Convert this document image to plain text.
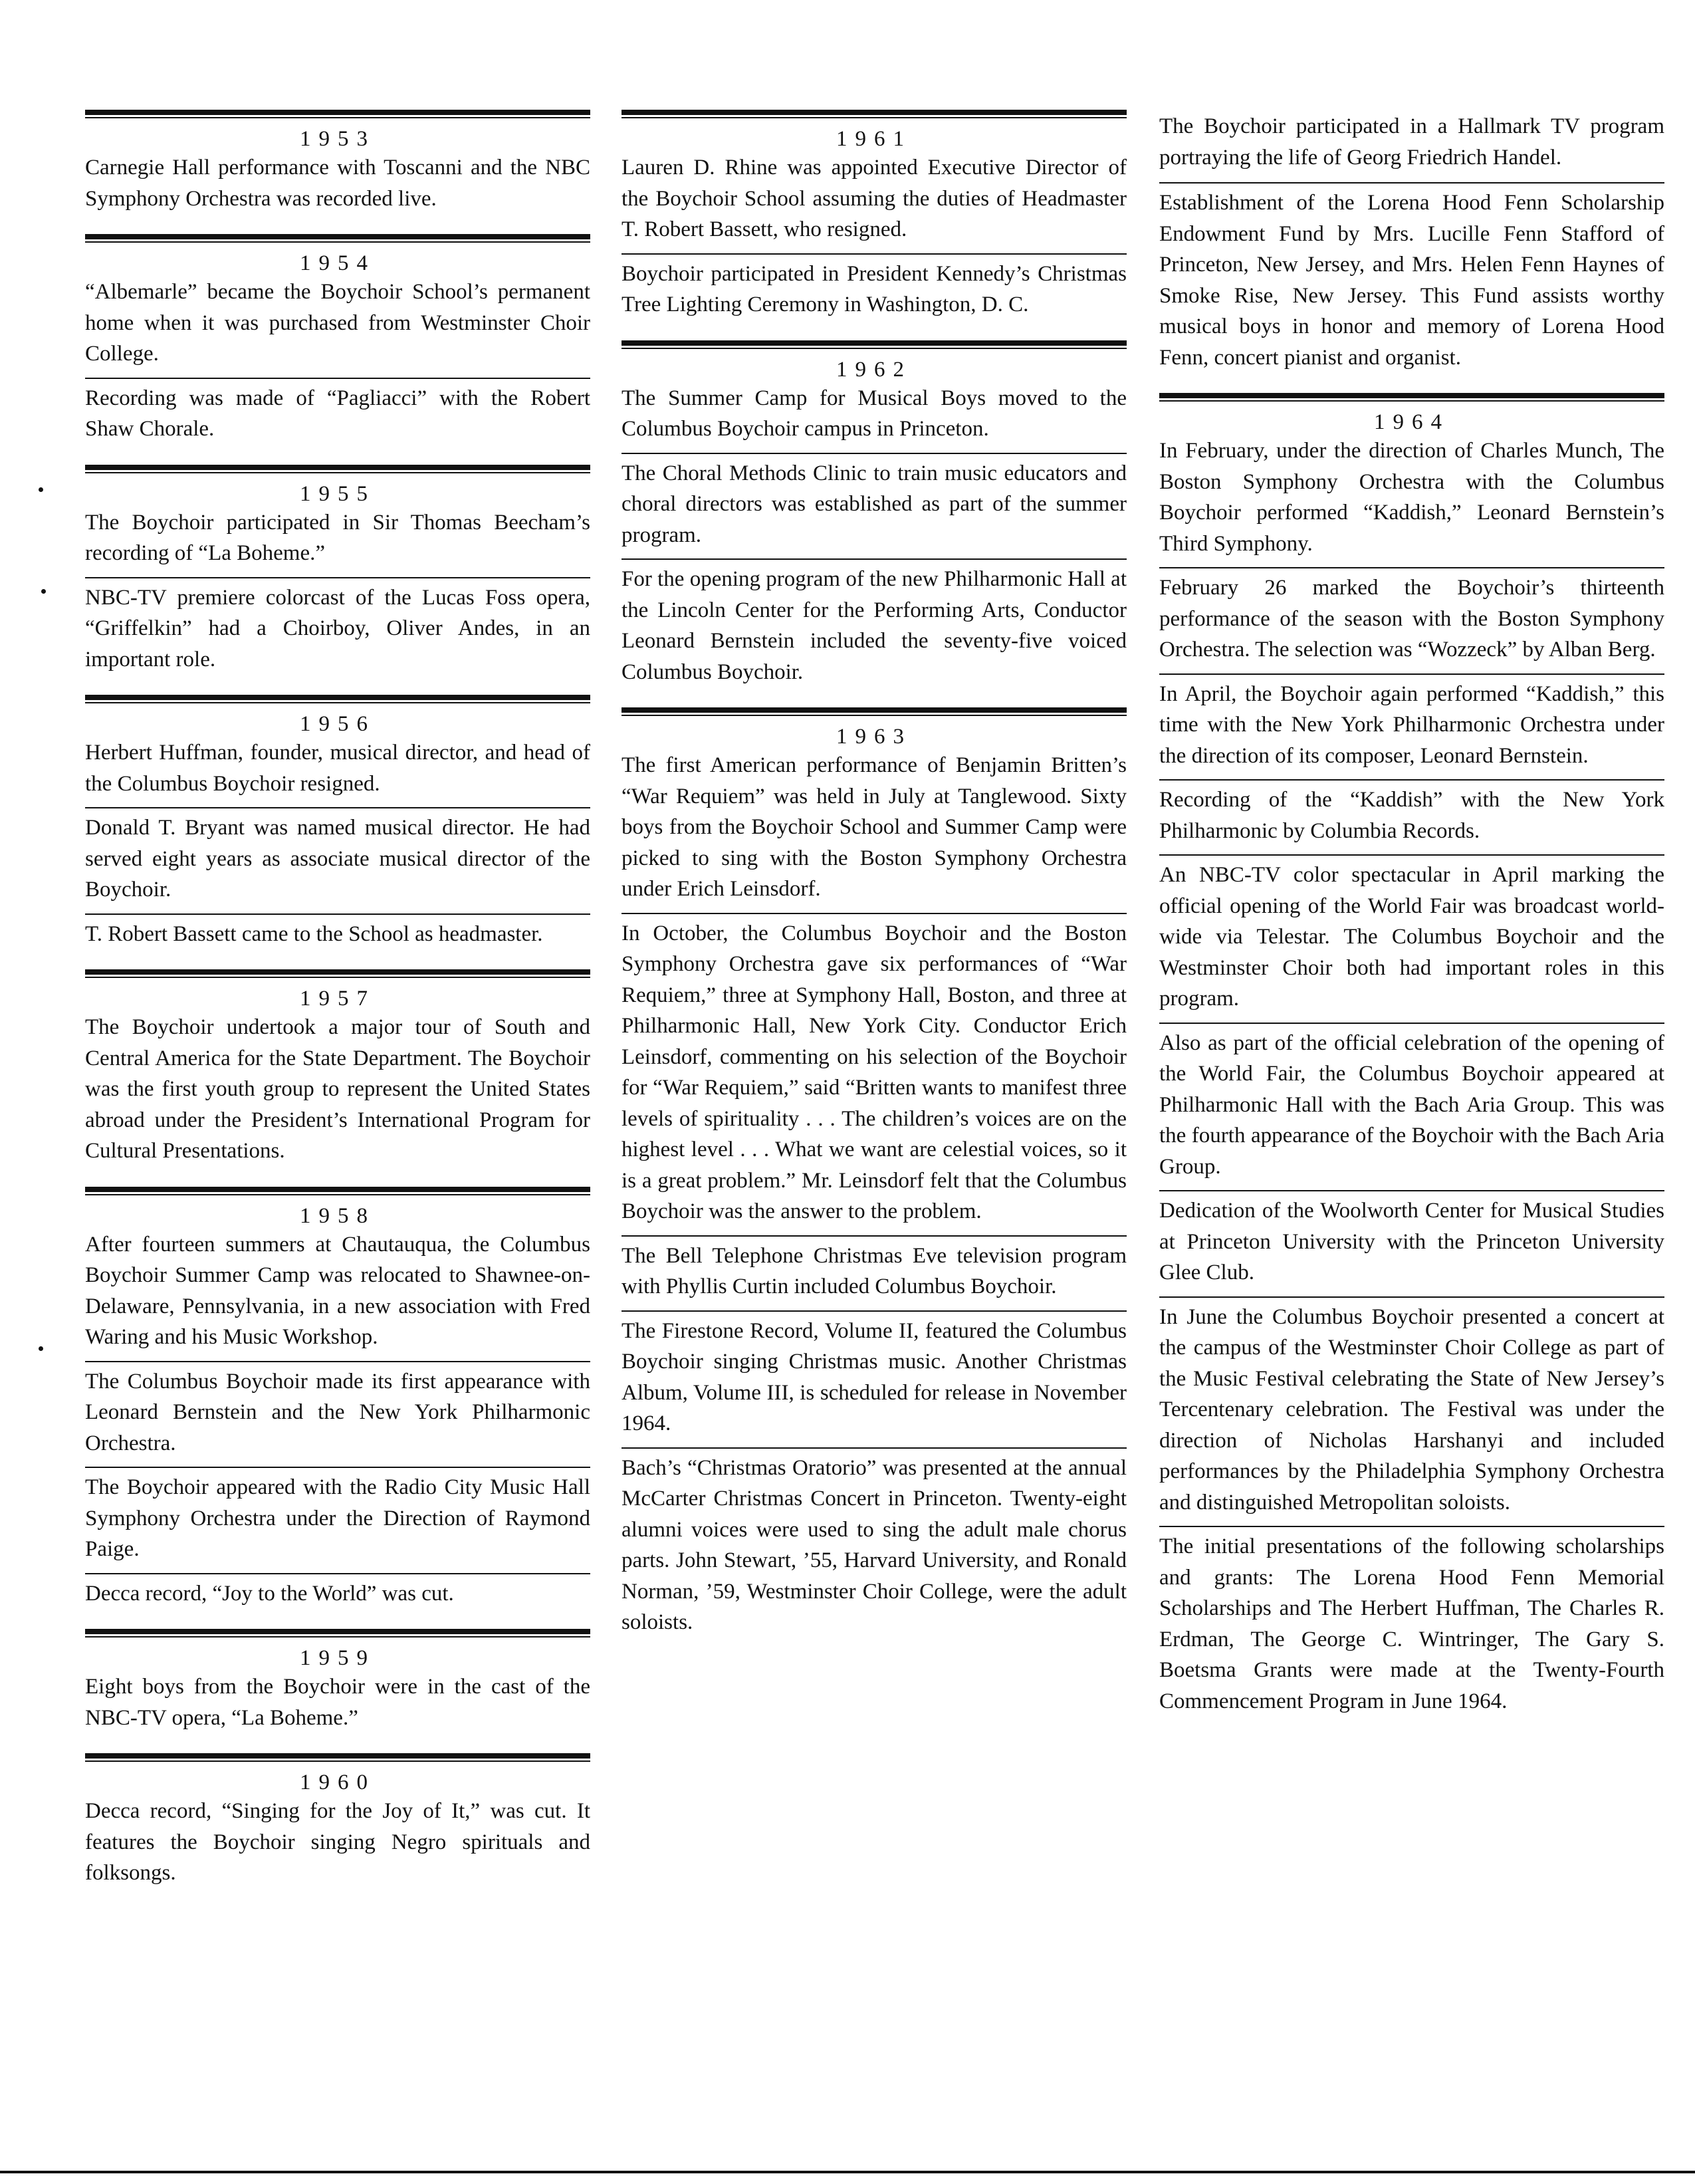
1953
Carnegie Hall performance with Toscanni and the NBC Symphony Orchestra was recorded live.
1954
“Albemarle” became the Boychoir School’s permanent home when it was purchased from Westminster Choir College.
Recording was made of “Pagliacci” with the Robert Shaw Chorale.
1955
The Boychoir participated in Sir Thomas Beecham’s recording of “La Boheme.”
NBC-TV premiere colorcast of the Lucas Foss opera, “Griffelkin” had a Choirboy, Oliver Andes, in an important role.
1956
Herbert Huffman, founder, musical director, and head of the Columbus Boychoir resigned.
Donald T. Bryant was named musical director. He had served eight years as associate musical director of the Boychoir.
T. Robert Bassett came to the School as headmaster.
1957
The Boychoir undertook a major tour of South and Central America for the State Department. The Boychoir was the first youth group to represent the United States abroad under the President’s International Program for Cultural Presentations.
1958
After fourteen summers at Chautauqua, the Columbus Boychoir Summer Camp was relocated to Shawnee-on-Delaware, Pennsylvania, in a new association with Fred Waring and his Music Workshop.
The Columbus Boychoir made its first appearance with Leonard Bernstein and the New York Philharmonic Orchestra.
The Boychoir appeared with the Radio City Music Hall Symphony Orchestra under the Direction of Raymond Paige.
Decca record, “Joy to the World” was cut.
1959
Eight boys from the Boychoir were in the cast of the NBC-TV opera, “La Boheme.”
1960
Decca record, “Singing for the Joy of It,” was cut. It features the Boychoir singing Negro spirituals and folksongs.
1961
Lauren D. Rhine was appointed Executive Director of the Boychoir School assuming the duties of Headmaster T. Robert Bassett, who resigned.
Boychoir participated in President Kennedy’s Christmas Tree Lighting Ceremony in Washington, D. C.
1962
The Summer Camp for Musical Boys moved to the Columbus Boychoir campus in Princeton.
The Choral Methods Clinic to train music educators and choral directors was established as part of the summer program.
For the opening program of the new Philharmonic Hall at the Lincoln Center for the Performing Arts, Conductor Leonard Bernstein included the seventy-five voiced Columbus Boychoir.
1963
The first American performance of Benjamin Britten’s “War Requiem” was held in July at Tanglewood. Sixty boys from the Boychoir School and Summer Camp were picked to sing with the Boston Symphony Orchestra under Erich Leinsdorf.
In October, the Columbus Boychoir and the Boston Symphony Orchestra gave six performances of “War Requiem,” three at Symphony Hall, Boston, and three at Philharmonic Hall, New York City. Conductor Erich Leinsdorf, commenting on his selection of the Boychoir for “War Requiem,” said “Britten wants to manifest three levels of spirituality . . . The children’s voices are on the highest level . . . What we want are celestial voices, so it is a great problem.” Mr. Leinsdorf felt that the Columbus Boychoir was the answer to the problem.
The Bell Telephone Christmas Eve television program with Phyllis Curtin included Columbus Boychoir.
The Firestone Record, Volume II, featured the Columbus Boychoir singing Christmas music. Another Christmas Album, Volume III, is scheduled for release in November 1964.
Bach’s “Christmas Oratorio” was presented at the annual McCarter Christmas Concert in Princeton. Twenty-eight alumni voices were used to sing the adult male chorus parts. John Stewart, ’55, Harvard University, and Ronald Norman, ’59, Westminster Choir College, were the adult soloists.
The Boychoir participated in a Hallmark TV program portraying the life of Georg Friedrich Handel.
Establishment of the Lorena Hood Fenn Scholarship Endowment Fund by Mrs. Lucille Fenn Stafford of Princeton, New Jersey, and Mrs. Helen Fenn Haynes of Smoke Rise, New Jersey. This Fund assists worthy musical boys in honor and memory of Lorena Hood Fenn, concert pianist and organist.
1964
In February, under the direction of Charles Munch, The Boston Symphony Orchestra with the Columbus Boychoir performed “Kaddish,” Leonard Bernstein’s Third Symphony.
February 26 marked the Boychoir’s thirteenth performance of the season with the Boston Symphony Orchestra. The selection was “Wozzeck” by Alban Berg.
In April, the Boychoir again performed “Kaddish,” this time with the New York Philharmonic Orchestra under the direction of its composer, Leonard Bernstein.
Recording of the “Kaddish” with the New York Philharmonic by Columbia Records.
An NBC-TV color spectacular in April marking the official opening of the World Fair was broadcast world-wide via Telestar. The Columbus Boychoir and the Westminster Choir both had important roles in this program.
Also as part of the official celebration of the opening of the World Fair, the Columbus Boychoir appeared at Philharmonic Hall with the Bach Aria Group. This was the fourth appearance of the Boychoir with the Bach Aria Group.
Dedication of the Woolworth Center for Musical Studies at Princeton University with the Princeton University Glee Club.
In June the Columbus Boychoir presented a concert at the campus of the Westminster Choir College as part of the Music Festival celebrating the State of New Jersey’s Tercentenary celebration. The Festival was under the direction of Nicholas Harshanyi and included performances by the Philadelphia Symphony Orchestra and distinguished Metropolitan soloists.
The initial presentations of the following scholarships and grants: The Lorena Hood Fenn Memorial Scholarships and The Herbert Huffman, The Charles R. Erdman, The George C. Wintringer, The Gary S. Boetsma Grants were made at the Twenty-Fourth Commencement Program in June 1964.
